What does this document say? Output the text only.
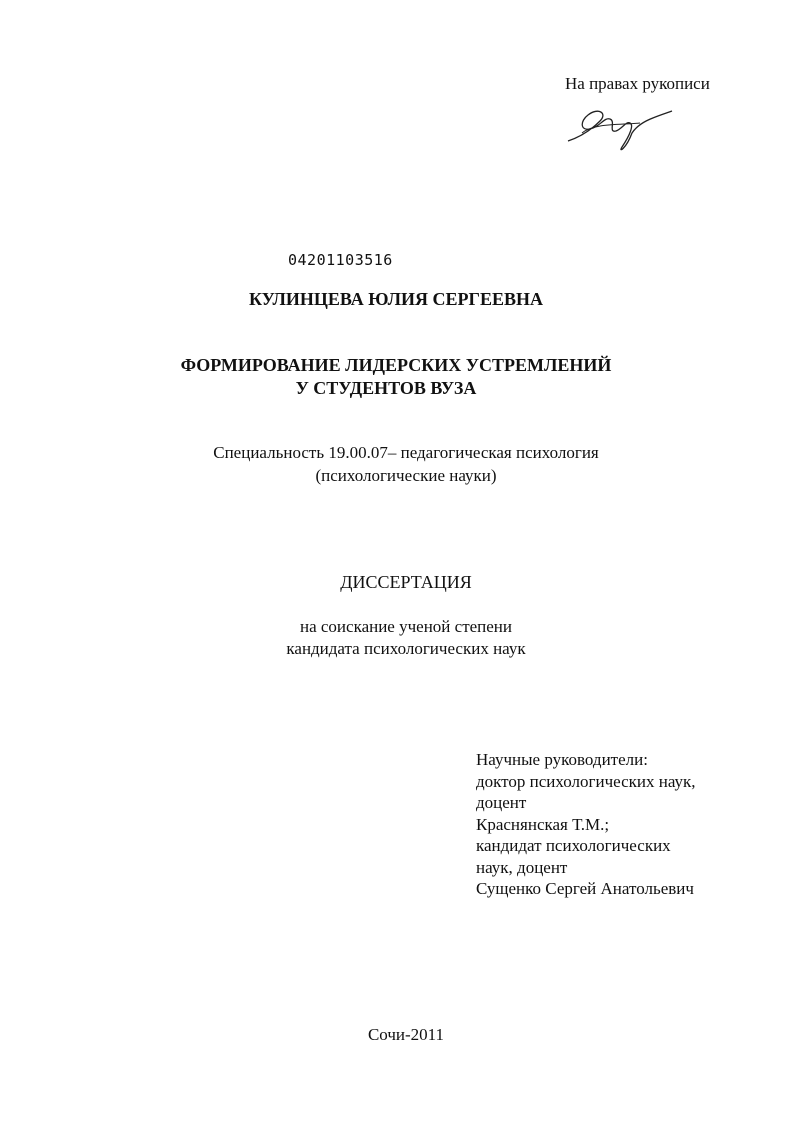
На правах рукописи
04201103516
КУЛИНЦЕВА ЮЛИЯ СЕРГЕЕВНА
ФОРМИРОВАНИЕ ЛИДЕРСКИХ УСТРЕМЛЕНИЙ
У СТУДЕНТОВ ВУЗА
Специальность 19.00.07– педагогическая психология
(психологические науки)
ДИССЕРТАЦИЯ
на соискание ученой степени
кандидата психологических наук
Научные руководители:
доктор психологических наук,
доцент
Краснянская Т.М.;
кандидат психологических
наук, доцент
Сущенко Сергей Анатольевич
Сочи-2011
